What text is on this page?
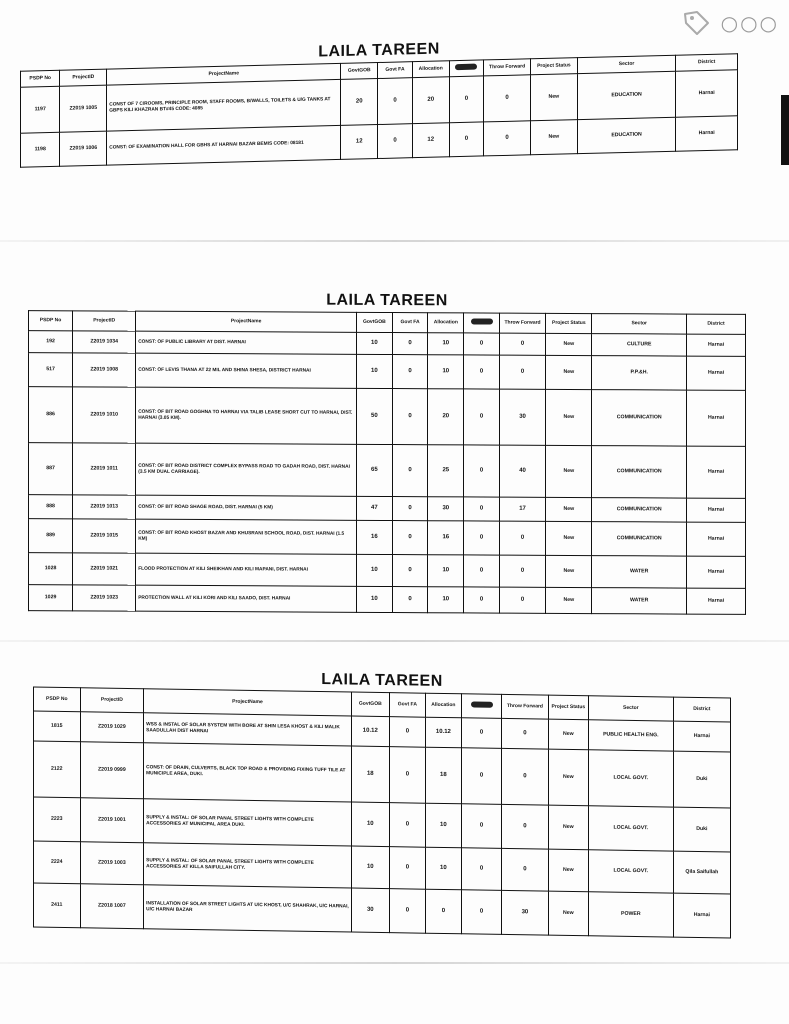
○○○
LAILA TAREEN
PSDP No	ProjectID	ProjectName	GovtGOB	Govt FA	Allocation		Throw Forward	Project Status	Sector	District
1197	Z2019 1005	CONST OF 7 C/ROOMS, PRINCIPLE ROOM, STAFF ROOMS, B/WALLS, TOILETS & U/G TANKS AT GBPS KILI KHAZRAN BT#45 CODE: 4085	20	0	20	0	0	New	EDUCATION	Harnai
1198	Z2019 1006	CONST: OF EXAMINATION HALL FOR GBHS AT HARNAI BAZAR BEMIS CODE: 08181	12	0	12	0	0	New	EDUCATION	Harnai
LAILA TAREEN
PSDP No	ProjectID	ProjectName	GovtGOB	Govt FA	Allocation		Throw Forward	Project Status	Sector	District
192	Z2019 1034	CONST: OF PUBLIC LIBRARY AT DIST. HARNAI	10	0	10	0	0	New	CULTURE	Harnai
517	Z2019 1008	CONST: OF LEVIS THANA AT 22 MIL AND SHINA SHESA, DISTRICT HARNAI	10	0	10	0	0	New	P.P.&H.	Harnai
886	Z2019 1010	CONST: OF B/T ROAD GOGHNA TO HARNAI VIA TALIB LEASE SHORT CUT TO HARNAI, DIST. HARNAI (3.05 KM).	50	0	20	0	30	New	COMMUNICATION	Harnai
887	Z2019 1011	CONST: OF B/T ROAD DISTRICT COMPLEX BYPASS ROAD TO GADAH ROAD, DIST. HARNAI (3.5 KM DUAL CARRIAGE).	65	0	25	0	40	New	COMMUNICATION	Harnai
888	Z2019 1013	CONST: OF B/T ROAD SHAGE ROAD, DIST. HARNAI (5 KM)	47	0	30	0	17	New	COMMUNICATION	Harnai
889	Z2019 1015	CONST: OF B/T ROAD KHOST BAZAR AND KHUSRANI SCHOOL ROAD, DIST. HARNAI (1.5 KM)	16	0	16	0	0	New	COMMUNICATION	Harnai
1028	Z2019 1021	FLOOD PROTECTION AT KILI SHEIKHAN AND KILI MAPANI, DIST. HARNAI	10	0	10	0	0	New	WATER	Harnai
1029	Z2019 1023	PROTECTION WALL AT KILI KORI AND KILI SAADO, DIST. HARNAI	10	0	10	0	0	New	WATER	Harnai
LAILA TAREEN
PSDP No	ProjectID	ProjectName	GovtGOB	Govt FA	Allocation		Throw Forward	Project Status	Sector	District
1815	Z2019 1029	WSS & INSTAL OF SOLAR SYSTEM WITH BORE AT SHIN LESA KHOST & KILI MALIK SAADULLAH DIST HARNAI	10.12	0	10.12	0	0	New	PUBLIC HEALTH ENG.	Harnai
2122	Z2019 0999	CONST: OF DRAIN, CULVERTS, BLACK TOP ROAD & PROVIDING FIXING TUFF TILE AT MUNICIPLE AREA, DUKI.	18	0	18	0	0	New	LOCAL GOVT.	Duki
2223	Z2019 1001	SUPPLY & INSTAL: OF SOLAR PANAL STREET LIGHTS WITH COMPLETE ACCESSORIES AT MUNICIPAL AREA DUKI.	10	0	10	0	0	New	LOCAL GOVT.	Duki
2224	Z2019 1003	SUPPLY & INSTAL: OF SOLAR PANAL STREET LIGHTS WITH COMPLETE ACCESSORIES AT KILLA SAIFULLAH CITY.	10	0	10	0	0	New	LOCAL GOVT.	Qila Saifullah
2411	Z2018 1007	INSTALLATION OF SOLAR STREET LIGHTS AT U/C KHOST, U/C SHAHRAK, U/C HARNAI, U/C HARNAI BAZAR	30	0	0	0	30	New	POWER	Harnai
